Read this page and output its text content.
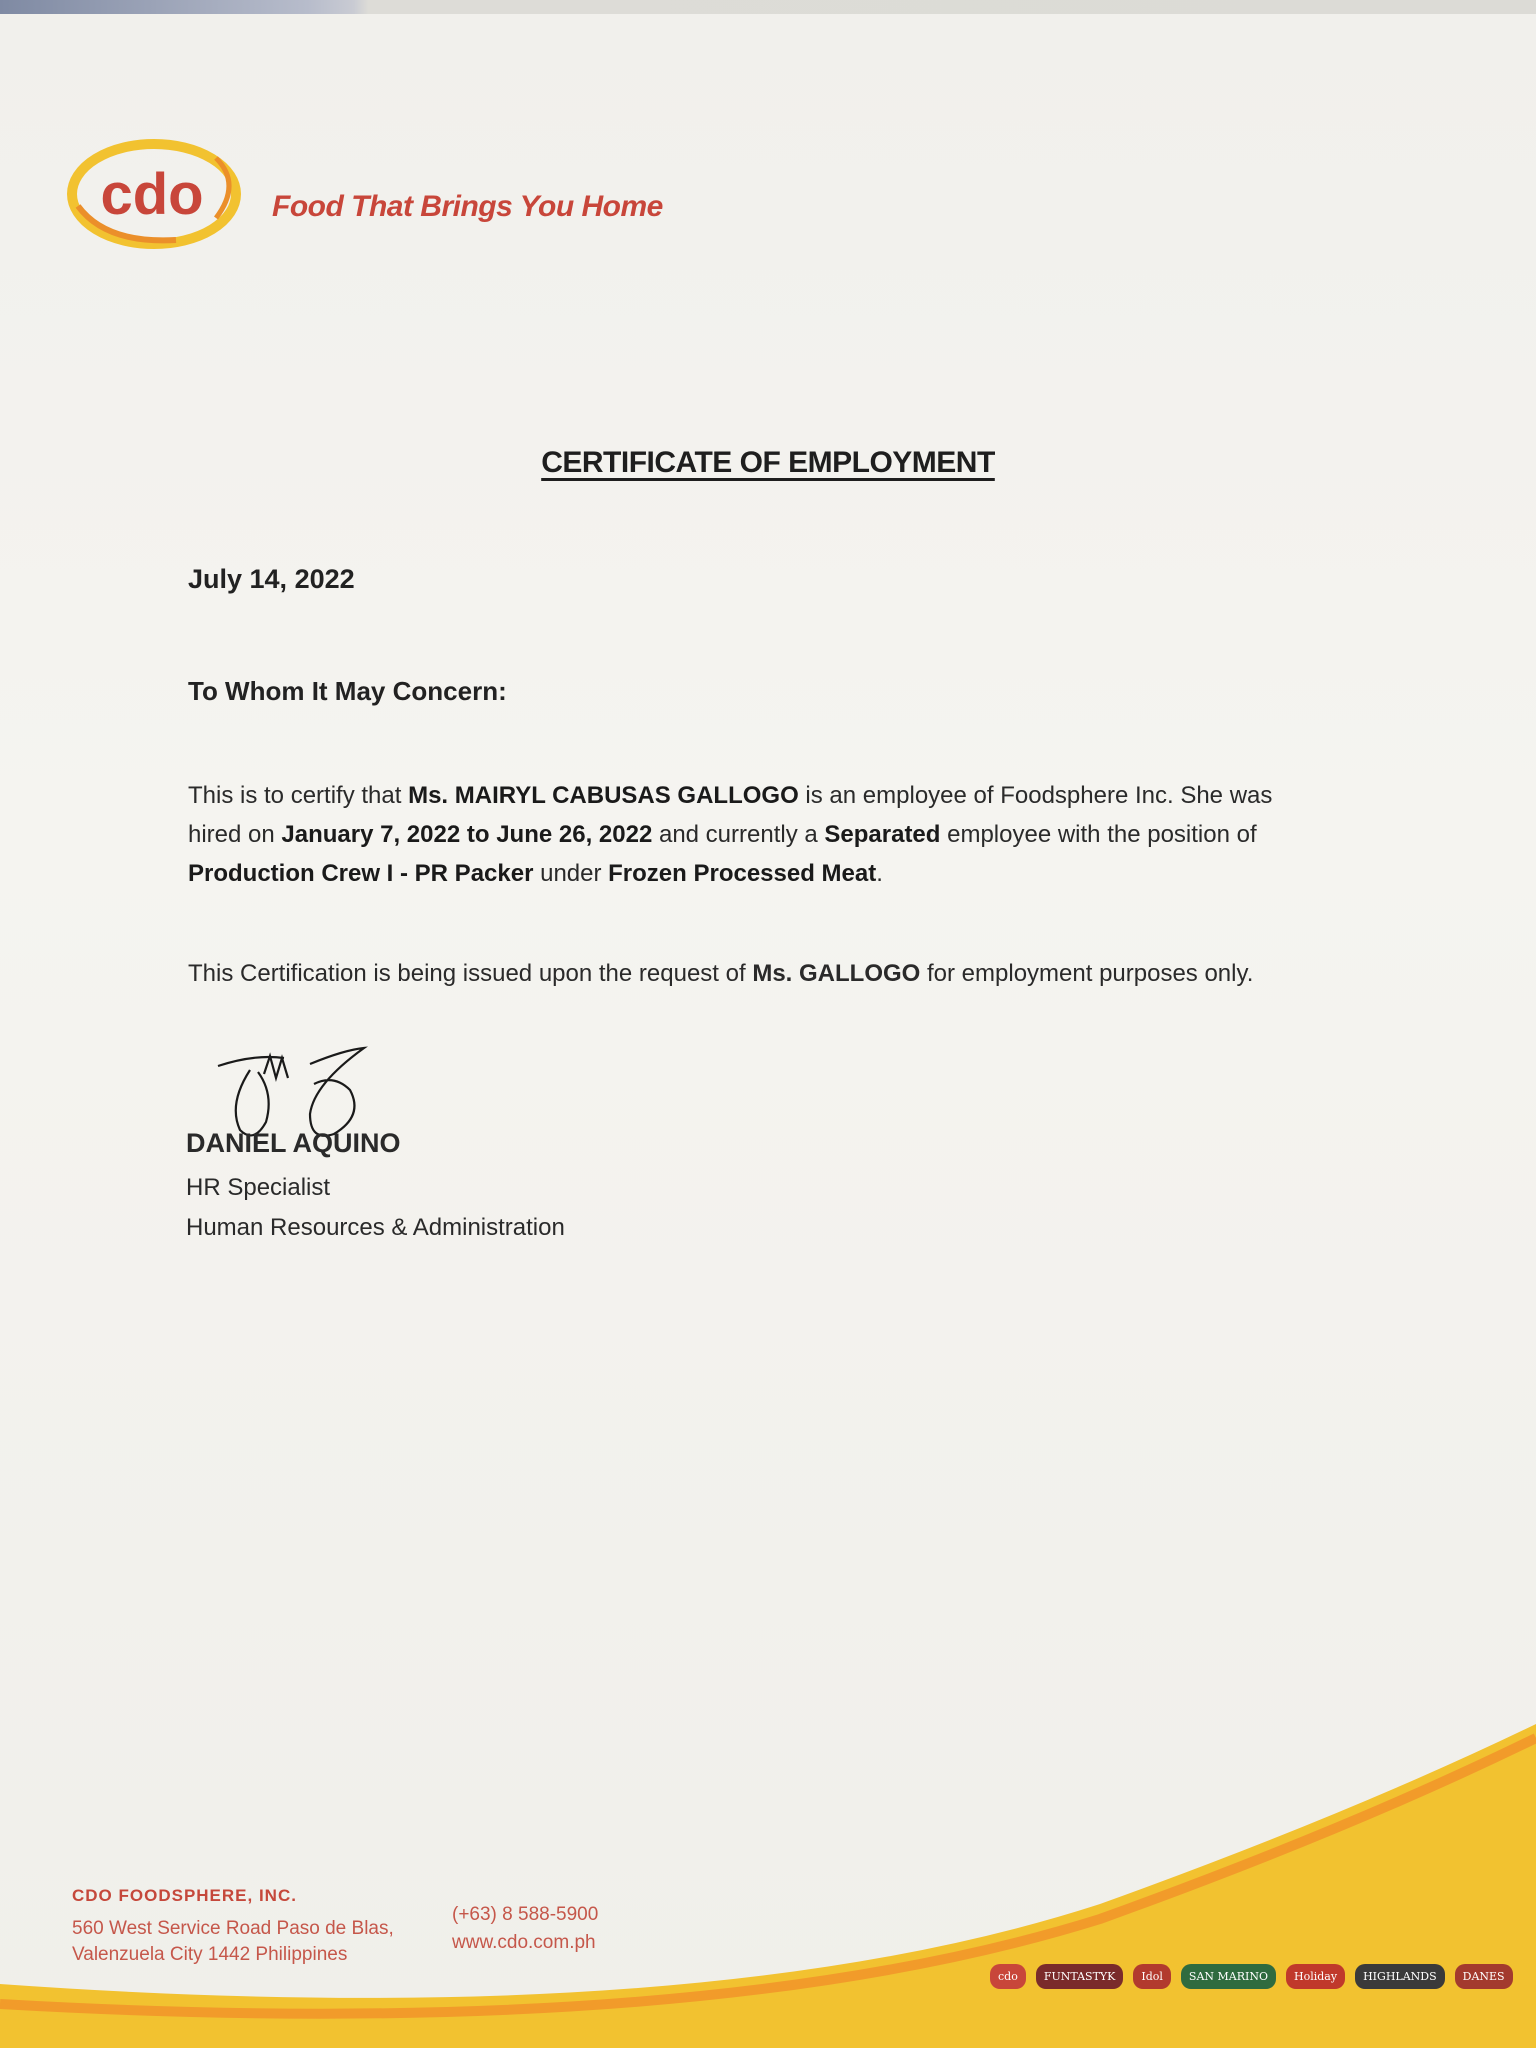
cdo Food That Brings You Home
CERTIFICATE OF EMPLOYMENT
July 14, 2022
To Whom It May Concern:
This is to certify that Ms. MAIRYL CABUSAS GALLOGO is an employee of Foodsphere Inc. She was hired on January 7, 2022 to June 26, 2022 and currently a Separated employee with the position of Production Crew I - PR Packer under Frozen Processed Meat.
This Certification is being issued upon the request of Ms. GALLOGO for employment purposes only.
DANIEL AQUINO
HR Specialist
Human Resources & Administration
CDO FOODSPHERE, INC.
560 West Service Road Paso de Blas,
Valenzuela City 1442 Philippines
(+63) 8 588-5900
www.cdo.com.ph
cdo	FUNTASTYK	Idol	SAN MARINO	Holiday	HIGHLANDS	DANES
